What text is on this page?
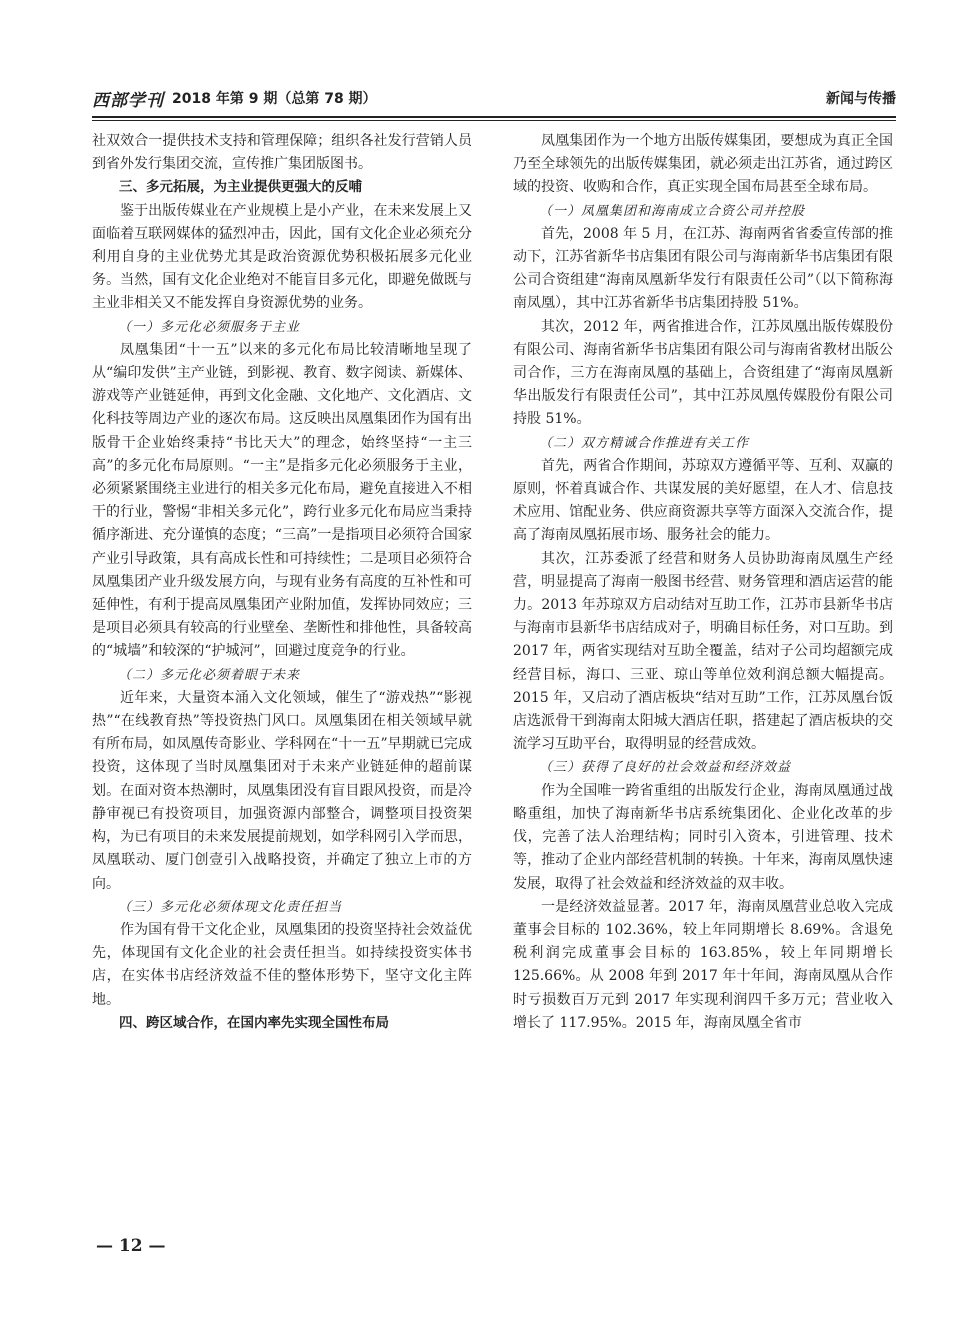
西部学刊 2018 年第 9 期（总第 78 期）	新闻与传播

社双效合一提供技术支持和管理保障；组织各社发行营销人员到省外发行集团交流，宣传推广集团版图书。

三、多元拓展，为主业提供更强大的反哺

鉴于出版传媒业在产业规模上是小产业，在未来发展上又面临着互联网媒体的猛烈冲击，因此，国有文化企业必须充分利用自身的主业优势尤其是政治资源优势积极拓展多元化业务。当然，国有文化企业绝对不能盲目多元化，即避免做既与主业非相关又不能发挥自身资源优势的业务。

（一）多元化必须服务于主业

凤凰集团“十一五”以来的多元化布局比较清晰地呈现了从“编印发供”主产业链，到影视、教育、数字阅读、新媒体、游戏等产业链延伸，再到文化金融、文化地产、文化酒店、文化科技等周边产业的逐次布局。这反映出凤凰集团作为国有出版骨干企业始终秉持“书比天大”的理念，始终坚持“一主三高”的多元化布局原则。“一主”是指多元化必须服务于主业，必须紧紧围绕主业进行的相关多元化布局，避免直接进入不相干的行业，警惕“非相关多元化”，跨行业多元化布局应当秉持循序渐进、充分谨慎的态度；“三高”一是指项目必须符合国家产业引导政策，具有高成长性和可持续性；二是项目必须符合凤凰集团产业升级发展方向，与现有业务有高度的互补性和可延伸性，有利于提高凤凰集团产业附加值，发挥协同效应；三是项目必须具有较高的行业壁垒、垄断性和排他性，具备较高的“城墙”和较深的“护城河”，回避过度竞争的行业。

（二）多元化必须着眼于未来

近年来，大量资本涌入文化领域，催生了“游戏热”“影视热”“在线教育热”等投资热门风口。凤凰集团在相关领域早就有所布局，如凤凰传奇影业、学科网在“十一五”早期就已完成投资，这体现了当时凤凰集团对于未来产业链延伸的超前谋划。在面对资本热潮时，凤凰集团没有盲目跟风投资，而是冷静审视已有投资项目，加强资源内部整合，调整项目投资架构，为已有项目的未来发展提前规划，如学科网引入学而思，凤凰联动、厦门创壹引入战略投资，并确定了独立上市的方向。

（三）多元化必须体现文化责任担当

作为国有骨干文化企业，凤凰集团的投资坚持社会效益优先，体现国有文化企业的社会责任担当。如持续投资实体书店，在实体书店经济效益不佳的整体形势下，坚守文化主阵地。

四、跨区域合作，在国内率先实现全国性布局

凤凰集团作为一个地方出版传媒集团，要想成为真正全国乃至全球领先的出版传媒集团，就必须走出江苏省，通过跨区域的投资、收购和合作，真正实现全国布局甚至全球布局。

（一）凤凰集团和海南成立合资公司并控股

首先，2008 年 5 月，在江苏、海南两省省委宣传部的推动下，江苏省新华书店集团有限公司与海南新华书店集团有限公司合资组建“海南凤凰新华发行有限责任公司”（以下简称海南凤凰），其中江苏省新华书店集团持股 51%。

其次，2012 年，两省推进合作，江苏凤凰出版传媒股份有限公司、海南省新华书店集团有限公司与海南省教材出版公司合作，三方在海南凤凰的基础上，合资组建了“海南凤凰新华出版发行有限责任公司”，其中江苏凤凰传媒股份有限公司持股 51%。

（二）双方精诚合作推进有关工作

首先，两省合作期间，苏琼双方遵循平等、互利、双赢的原则，怀着真诚合作、共谋发展的美好愿望，在人才、信息技术应用、馆配业务、供应商资源共享等方面深入交流合作，提高了海南凤凰拓展市场、服务社会的能力。

其次，江苏委派了经营和财务人员协助海南凤凰生产经营，明显提高了海南一般图书经营、财务管理和酒店运营的能力。2013 年苏琼双方启动结对互助工作，江苏市县新华书店与海南市县新华书店结成对子，明确目标任务，对口互助。到 2017 年，两省实现结对互助全覆盖，结对子公司均超额完成经营目标，海口、三亚、琼山等单位效利润总额大幅提高。2015 年，又启动了酒店板块“结对互助”工作，江苏凤凰台饭店选派骨干到海南太阳城大酒店任职，搭建起了酒店板块的交流学习互助平台，取得明显的经营成效。

（三）获得了良好的社会效益和经济效益

作为全国唯一跨省重组的出版发行企业，海南凤凰通过战略重组，加快了海南新华书店系统集团化、企业化改革的步伐，完善了法人治理结构；同时引入资本，引进管理、技术等，推动了企业内部经营机制的转换。十年来，海南凤凰快速发展，取得了社会效益和经济效益的双丰收。

一是经济效益显著。2017 年，海南凤凰营业总收入完成董事会目标的 102.36%，较上年同期增长 8.69%。含退免税利润完成董事会目标的 163.85%，较上年同期增长 125.66%。从 2008 年到 2017 年十年间，海南凤凰从合作时亏损数百万元到 2017 年实现利润四千多万元；营业收入增长了 117.95%。2015 年，海南凤凰全省市

— 12 —
